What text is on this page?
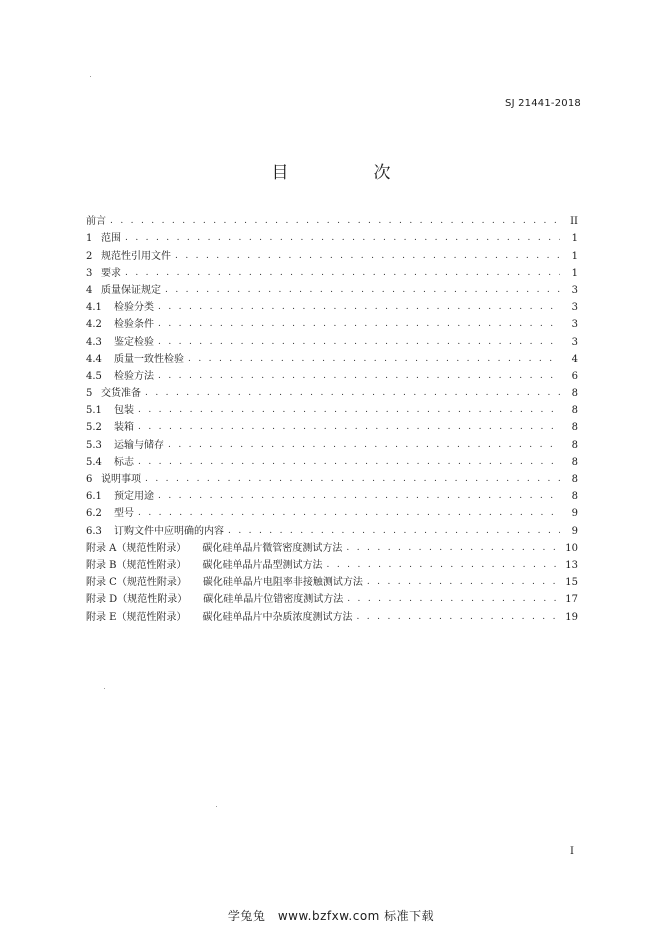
SJ 21441-2018
目　次
前言 . . .	II
1 范围 . . .	1
2 规范性引用文件 . . .	1
3 要求 . . .	1
4 质量保证规定 . . .	3
4.1	检验分类 . . .	3
4.2	检验条件 . . .	3
4.3	鉴定检验 . . .	3
4.4	质量一致性检验 . . .	4
4.5	检验方法 . . .	6
5 交货准备 . . .	8
5.1	包装 . . .	8
5.2	装箱 . . .	8
5.3	运输与储存 . . .	8
5.4	标志 . . .	8
6 说明事项 . . .	8
6.1	预定用途 . . .	8
6.2	型号 . . .	9
6.3	订购文件中应明确的内容 . . .	9
附录 A（规范性附录） 碳化硅单晶片微管密度测试方法 . . .	10
附录 B（规范性附录） 碳化硅单晶片晶型测试方法 . . .	13
附录 C（规范性附录） 碳化硅单晶片电阻率非接触测试方法 . . .	15
附录 D（规范性附录） 碳化硅单晶片位错密度测试方法 . . .	17
附录 E（规范性附录） 碳化硅单晶片中杂质浓度测试方法 . . .	19
I
学兔兔　www.bzfxw.com 标准下载
